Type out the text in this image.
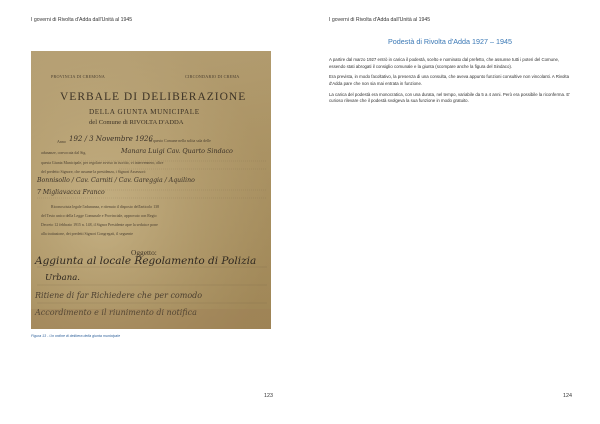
I governi di Rivolta d'Adda dall'Unità al 1945
PROVINCIA DI CREMONA	CIRCONDARIO DI CREMA
VERBALE DI DELIBERAZIONE
DELLA GIUNTA MUNICIPALE
del Comune di RIVOLTA D'ADDA
Anno 192 / 3 Novembre 1926
in questo Comune nella solita sala delle
adunanze, convocata dal Sig.	Manara Luigi Cav. Quarto Sindaco
questa Giunta Municipale, per regolare avviso in iscritto, vi intervennero, oltre
del predetto Signore, che assume la presidenza, i Signori Assessori:
Bonnisollo / Cav. Carniti / Cav. Gareggia / Aquilino
7 Migliavacca Franco
Riconosciuta legale l'adunanza, e ritenuto il disposto dell'articolo 138
del Testo unico della Legge Comunale e Provinciale, approvato con Regio
Decreto 12 febbraio 1915 n. 148, il Signor Presidente apre la seduta e pone
alla trattazione, dei predetti Signori Congregati, il seguente
Oggetto:
Aggiunta al locale Regolamento di Polizia
Urbana.
Ritiene di far Richiedere che per comodo
Accordimento e il riunimento di notifica
Figura 13 - Un ordine di delibera della giunta municipale
123
I governi di Rivolta d'Adda dall'Unità al 1945
Podestà di Rivolta d'Adda 1927 – 1945

A partire dal marzo 1927 entrò in carica il podestà, scelto e nominato dal prefetto, che assunse tutti i poteri del Comune, essendo stati abrogati il consiglio comunale e la giunta (scompare anche la figura del Sindaco).

Era prevista, in modo facoltativo, la presenza di una consulta, che aveva appunto funzioni consultive non vincolanti. A Rivolta d'Adda pare che non sia mai entrata in funzione.

La carica del podestà era monocratica, con una durata, nel tempo, variabile da 5 a 4 anni. Però era possibile la riconferma. E' curioso rilevare che il podestà svolgeva la sua funzione in modo gratuito.

124
